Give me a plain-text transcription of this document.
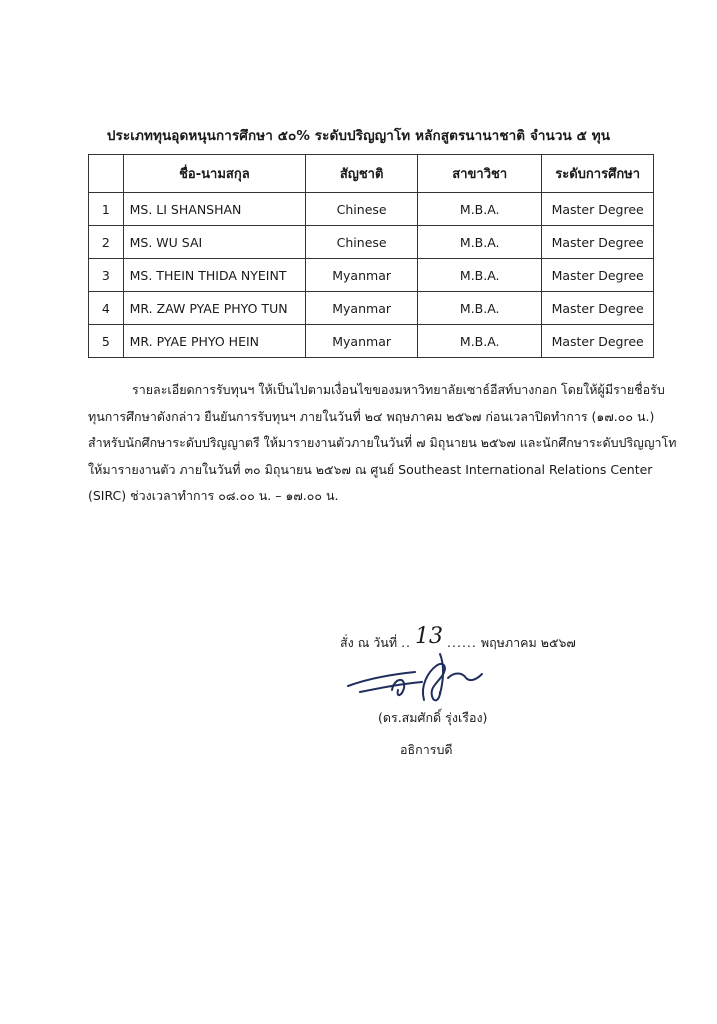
ประเภททุนอุดหนุนการศึกษา ๕๐% ระดับปริญญาโท หลักสูตรนานาชาติ จำนวน ๕ ทุน
	ชื่อ-นามสกุล	สัญชาติ	สาขาวิชา	ระดับการศึกษา
1	MS. LI SHANSHAN	Chinese	M.B.A.	Master Degree
2	MS. WU SAI	Chinese	M.B.A.	Master Degree
3	MS. THEIN THIDA NYEINT	Myanmar	M.B.A.	Master Degree
4	MR. ZAW PYAE PHYO TUN	Myanmar	M.B.A.	Master Degree
5	MR. PYAE PHYO HEIN	Myanmar	M.B.A.	Master Degree
รายละเอียดการรับทุนฯ ให้เป็นไปตามเงื่อนไขของมหาวิทยาลัยเซาธ์อีสท์บางกอก โดยให้ผู้มีรายชื่อรับ
ทุนการศึกษาดังกล่าว ยืนยันการรับทุนฯ ภายในวันที่ ๒๔ พฤษภาคม ๒๕๖๗ ก่อนเวลาปิดทำการ (๑๗.๐๐ น.)
สำหรับนักศึกษาระดับปริญญาตรี ให้มารายงานตัวภายในวันที่ ๗ มิถุนายน ๒๕๖๗ และนักศึกษาระดับปริญญาโท
ให้มารายงานตัว ภายในวันที่ ๓๐ มิถุนายน ๒๕๖๗ ณ ศูนย์ Southeast International Relations Center
(SIRC) ช่วงเวลาทำการ ๐๘.๐๐ น. – ๑๗.๐๐ น.
สั่ง ณ วันที่ .. 13 ...... พฤษภาคม ๒๕๖๗
(ดร.สมศักดิ์ รุ่งเรือง)
อธิการบดี
